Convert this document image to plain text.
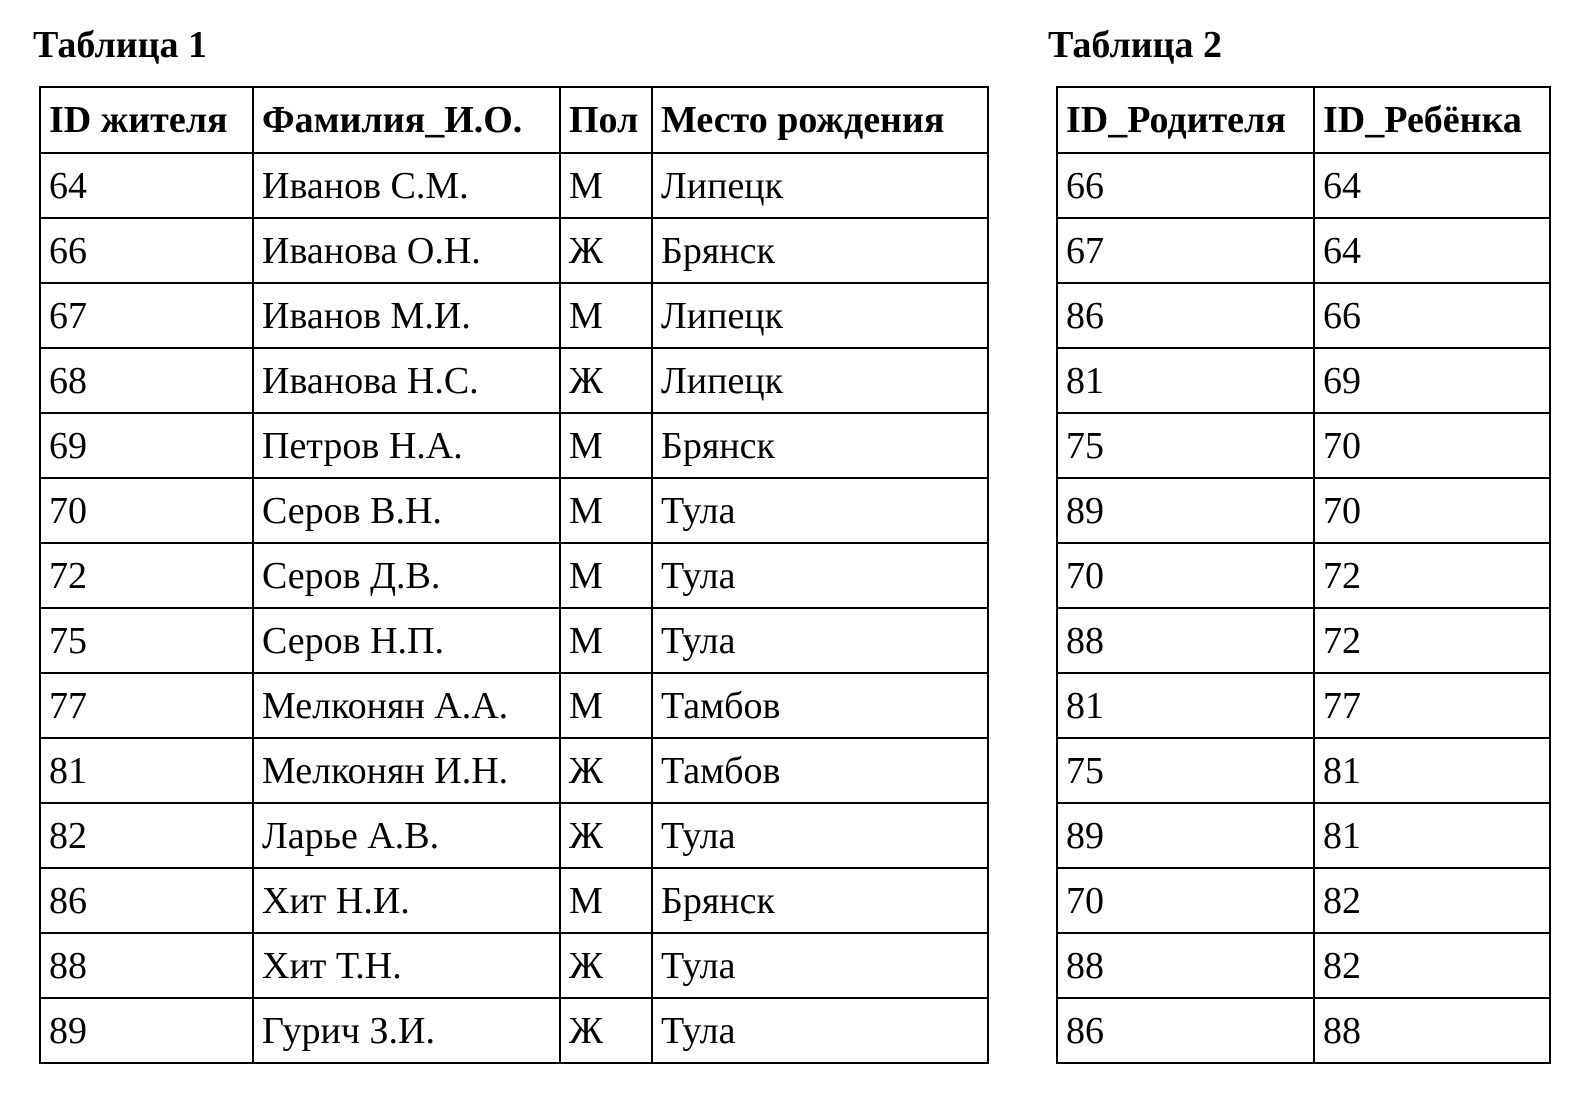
Таблица 1
ID жителя	Фамилия_И.О.	Пол	Место рождения
64	Иванов С.М.	М	Липецк
66	Иванова О.Н.	Ж	Брянск
67	Иванов М.И.	М	Липецк
68	Иванова Н.С.	Ж	Липецк
69	Петров Н.А.	М	Брянск
70	Серов В.Н.	М	Тула
72	Серов Д.В.	М	Тула
75	Серов Н.П.	М	Тула
77	Мелконян А.А.	М	Тамбов
81	Мелконян И.Н.	Ж	Тамбов
82	Ларье А.В.	Ж	Тула
86	Хит Н.И.	М	Брянск
88	Хит Т.Н.	Ж	Тула
89	Гурич З.И.	Ж	Тула
Таблица 2
ID_Родителя	ID_Ребёнка
66	64
67	64
86	66
81	69
75	70
89	70
70	72
88	72
81	77
75	81
89	81
70	82
88	82
86	88
